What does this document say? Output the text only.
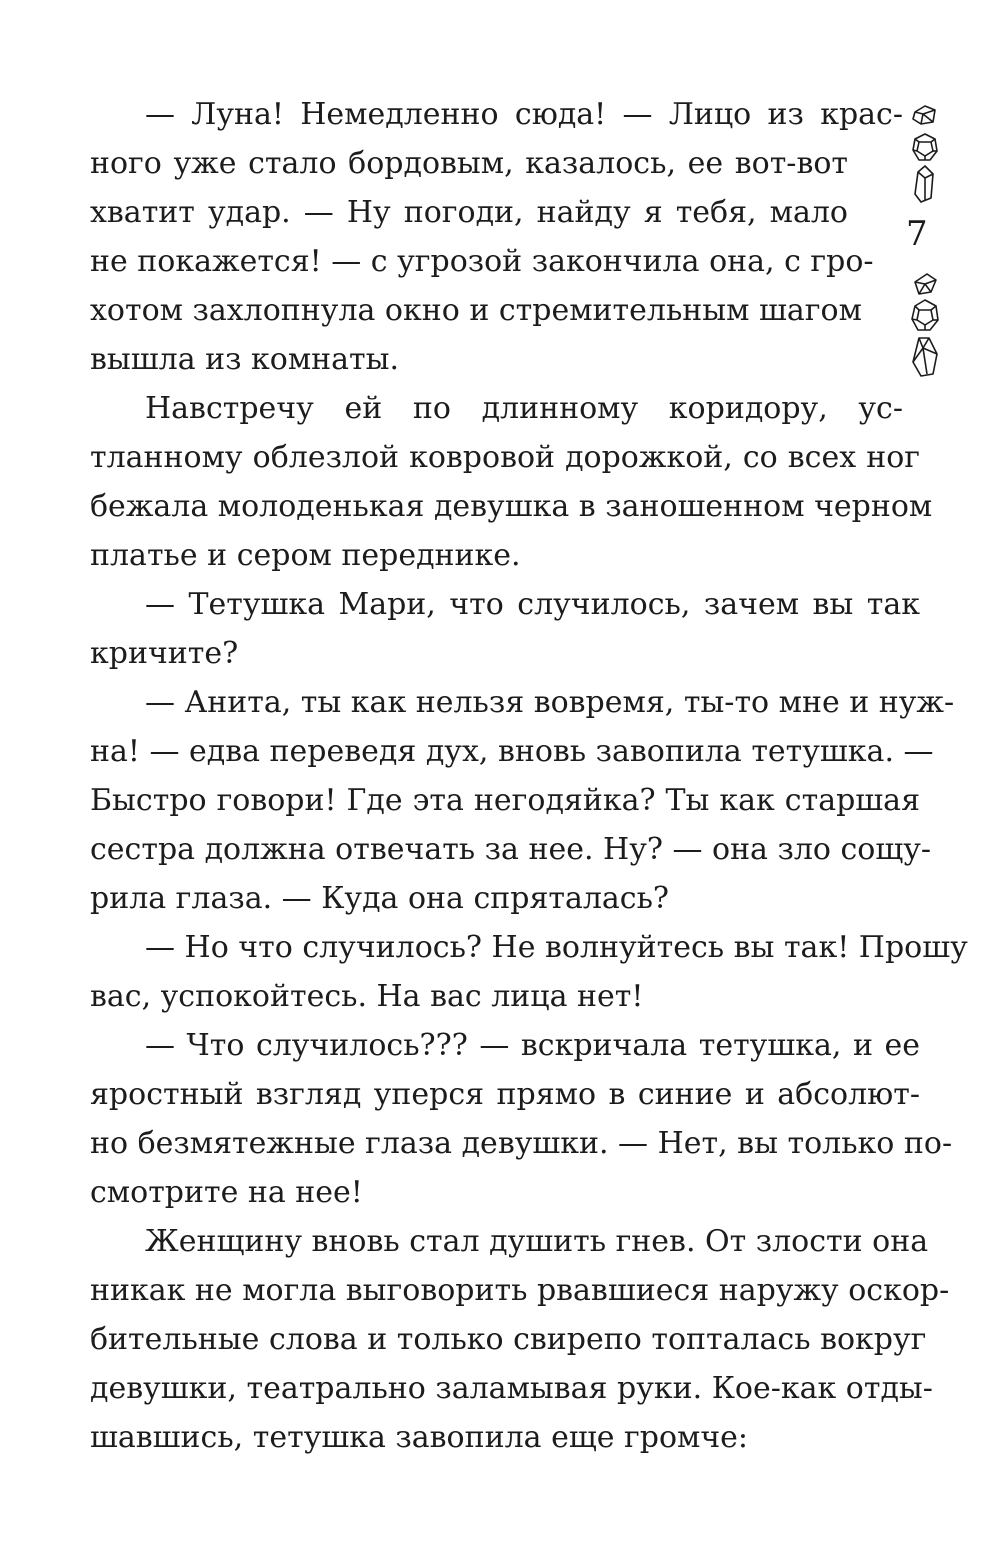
— Луна! Немедленно сюда! — Лицо из крас-
ного уже стало бордовым, казалось, ее вот-вот
хватит удар. — Ну погоди, найду я тебя, мало
не покажется! — с угрозой закончила она, с гро-
хотом захлопнула окно и стремительным шагом
вышла из комнаты.
Навстречу ей по длинному коридору, ус-
тланному облезлой ковровой дорожкой, со всех ног
бежала молоденькая девушка в заношенном черном
платье и сером переднике.
— Тетушка Мари, что случилось, зачем вы так
кричите?
— Анита, ты как нельзя вовремя, ты-то мне и нуж-
на! — едва переведя дух, вновь завопила тетушка. —
Быстро говори! Где эта негодяйка? Ты как старшая
сестра должна отвечать за нее. Ну? — она зло сощу-
рила глаза. — Куда она спряталась?
— Но что случилось? Не волнуйтесь вы так! Прошу
вас, успокойтесь. На вас лица нет!
— Что случилось??? — вскричала тетушка, и ее
яростный взгляд уперся прямо в синие и абсолют-
но безмятежные глаза девушки. — Нет, вы только по-
смотрите на нее!
Женщину вновь стал душить гнев. От злости она
никак не могла выговорить рвавшиеся наружу оскор-
бительные слова и только свирепо топталась вокруг
девушки, театрально заламывая руки. Кое-как отды-
шавшись, тетушка завопила еще громче:
7
